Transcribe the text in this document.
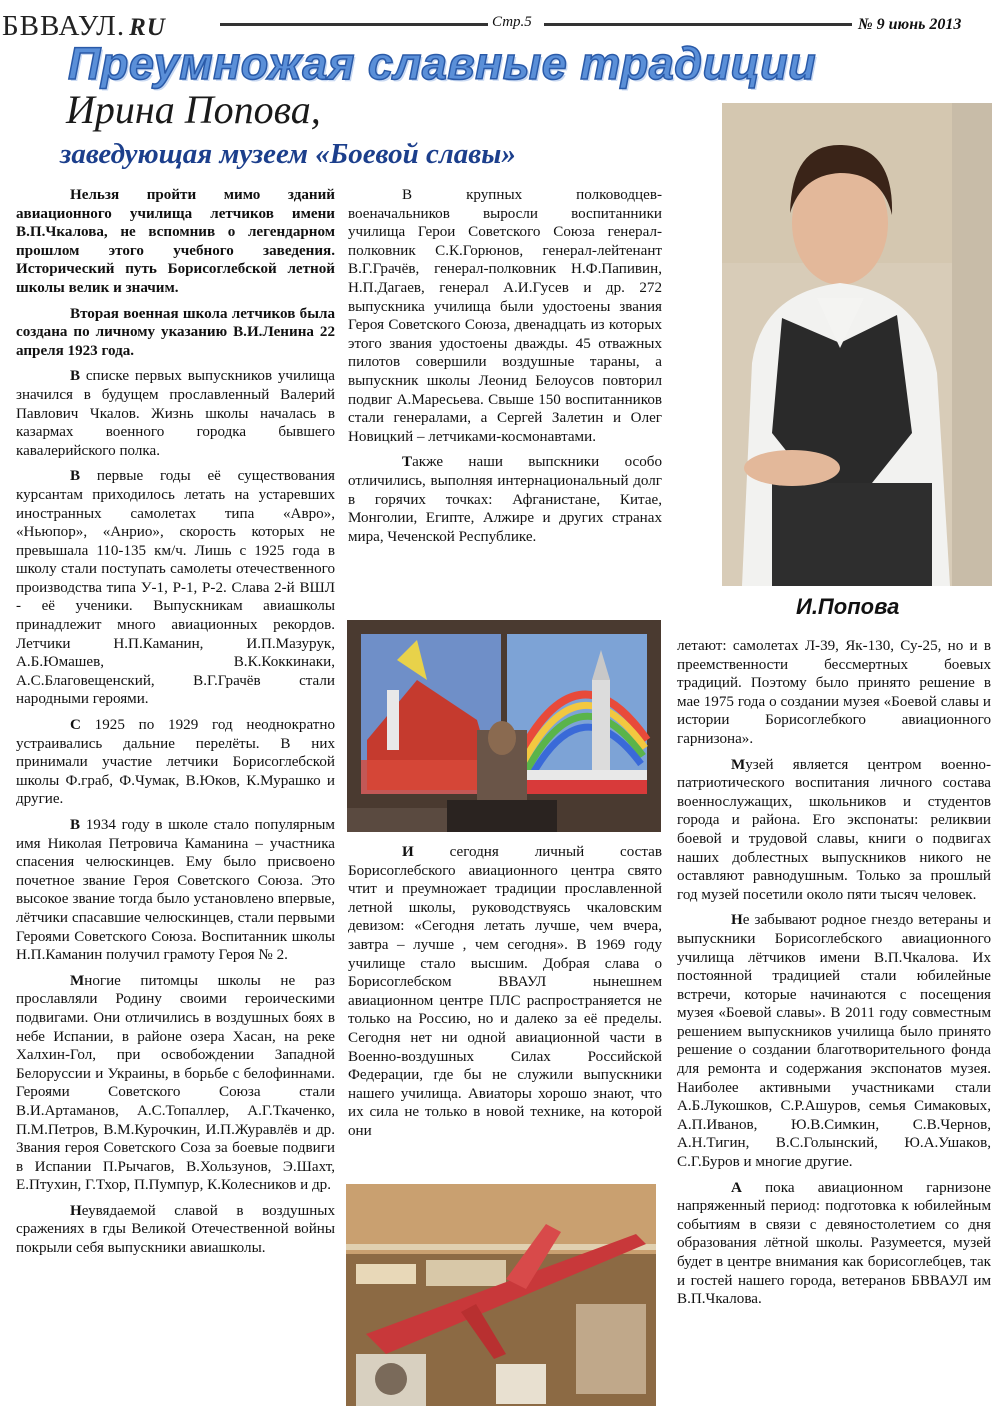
БВВАУЛ. RU	Стр.5	№ 9 июнь 2013
Преумножая славные традиции
Ирина Попова,
заведующая музеем «Боевой славы»

Нельзя пройти мимо зданий авиационного училища летчиков имени В.П.Чкалова, не вспомнив о легендарном прошлом этого учебного заведения. Исторический путь Борисоглебской летной школы велик и значим.

Вторая военная школа летчиков была создана по личному указанию В.И.Ленина 22 апреля 1923 года.

В списке первых выпускников училища значился в будущем прославленный Валерий Павлович Чкалов. Жизнь школы началась в казармах военного городка бывшего кавалерийского полка.

В первые годы её существования курсантам приходилось летать на устаревших иностранных самолетах типа «Авро», «Ньюпор», «Анрио», скорость которых не превышала 110-135 км/ч. Лишь с 1925 года в школу стали поступать самолеты отечественного производства типа У-1, Р-1, Р-2. Слава 2-й ВШЛ - её ученики. Выпускникам авиашколы принадлежит много авиационных рекордов. Летчики Н.П.Каманин, И.П.Мазурук, А.Б.Юмашев, В.К.Коккинаки, А.С.Благовещенский, В.Г.Грачёв стали народными героями.

С 1925 по 1929 год неоднократно устраивались дальние перелёты. В них принимали участие летчики Борисоглебской школы Ф.граб, Ф.Чумак, В.Юков, К.Мурашко и другие.

В 1934 году в школе стало популярным имя Николая Петровича Каманина – участника спасения челюскинцев. Ему было присвоено почетное звание Героя Советского Союза. Это высокое звание тогда было установлено впервые, лётчики спасавшие челюскинцев, стали первыми Героями Советского Союза. Воспитанник школы Н.П.Каманин получил грамоту Героя № 2.

Многие питомцы школы не раз прославляли Родину своими героическими подвигами. Они отличились в воздушных боях в небе Испании, в районе озера Хасан, на реке Халхин-Гол, при освобождении Западной Белоруссии и Украины, в борьбе с белофиннами. Героями Советского Союза стали В.И.Артаманов, А.С.Топаллер, А.Г.Ткаченко, П.М.Петров, В.М.Курочкин, И.П.Журавлёв и др. Звания героя Советского Соза за боевые подвиги в Испании П.Рычагов, В.Хользунов, Э.Шахт, Е.Птухин, Г.Тхор, П.Пумпур, К.Колесников и др.

Неувядаемой славой в воздушных сражениях в гды Великой Отечественной войны покрыли себя выпускники авиашколы.

В крупных полководцев-военачальников выросли воспитанники училища Герои Советского Союза генерал-полковник С.К.Горюнов, генерал-лейтенант В.Г.Грачёв, генерал-полковник Н.Ф.Папивин, Н.П.Дагаев, генерал А.И.Гусев и др. 272 выпускника училища были удостоены звания Героя Советского Союза, двенадцать из которых этого звания удостоены дважды. 45 отважных пилотов совершили воздушные тараны, а выпускник школы Леонид Белоусов повторил подвиг А.Маресьева. Свыше 150 воспитанников стали генералами, а Сергей Залетин и Олег Новицкий – летчиками-космонавтами.

Также наши выпскники особо отличились, выполняя интернациональный долг в горячих точках: Афганистане, Китае, Монголии, Египте, Алжире и других странах мира, Чеченской Республике.

И сегодня личный состав Борисоглебского авиационного центра свято чтит и преумножает традиции прославленной летной школы, руководствуясь чкаловским девизом: «Сегодня летать лучше, чем вчера, завтра – лучше , чем сегодня». В 1969 году училище стало высшим. Добрая слава о Борисоглебском ВВАУЛ нынешнем авиационном центре ПЛС распространяется не только на Россию, но и далеко за её пределы. Сегодня нет ни одной авиационной части в Военно-воздушных Силах Российской Федерации, где бы не служили выпускники нашего училища. Авиаторы хорошо знают, что их сила не только в новой технике, на которой они

И.Попова

летают: самолетах Л-39, Як-130, Су-25, но и в преемственности бессмертных боевых традиций. Поэтому было принято решение в мае 1975 года о создании музея «Боевой славы и истории Борисоглебкого авиационного гарнизона».

Музей является центром военно-патриотического воспитания личного состава военнослужащих, школьников и студентов города и района. Его экспонаты: реликвии боевой и трудовой славы, книги о подвигах наших доблестных выпускников никого не оставляют равнодушным. Только за прошлый год музей посетили около пяти тысяч человек.

Не забывают родное гнездо ветераны и выпускники Борисоглебского авиационного училища лётчиков имени В.П.Чкалова. Их постоянной традицией стали юбилейные встречи, которые начинаются с посещения музея «Боевой славы». В 2011 году совместным решением выпускников училища было принято решение о создании благотворительного фонда для ремонта и содержания экспонатов музея. Наиболее активными участниками стали А.Б.Лукошков, С.Р.Ашуров, семья Симаковых, А.П.Иванов, Ю.В.Симкин, С.В.Чернов, А.Н.Тигин, В.С.Голынский, Ю.А.Ушаков, С.Г.Буров и многие другие.

А пока авиационном гарнизоне напряженный период: подготовка к юбилейным событиям в связи с девяностолетием со дня образования лётной школы. Разумеется, музей будет в центре внимания как борисоглебцев, так и гостей нашего города, ветеранов БВВАУЛ им В.П.Чкалова.
